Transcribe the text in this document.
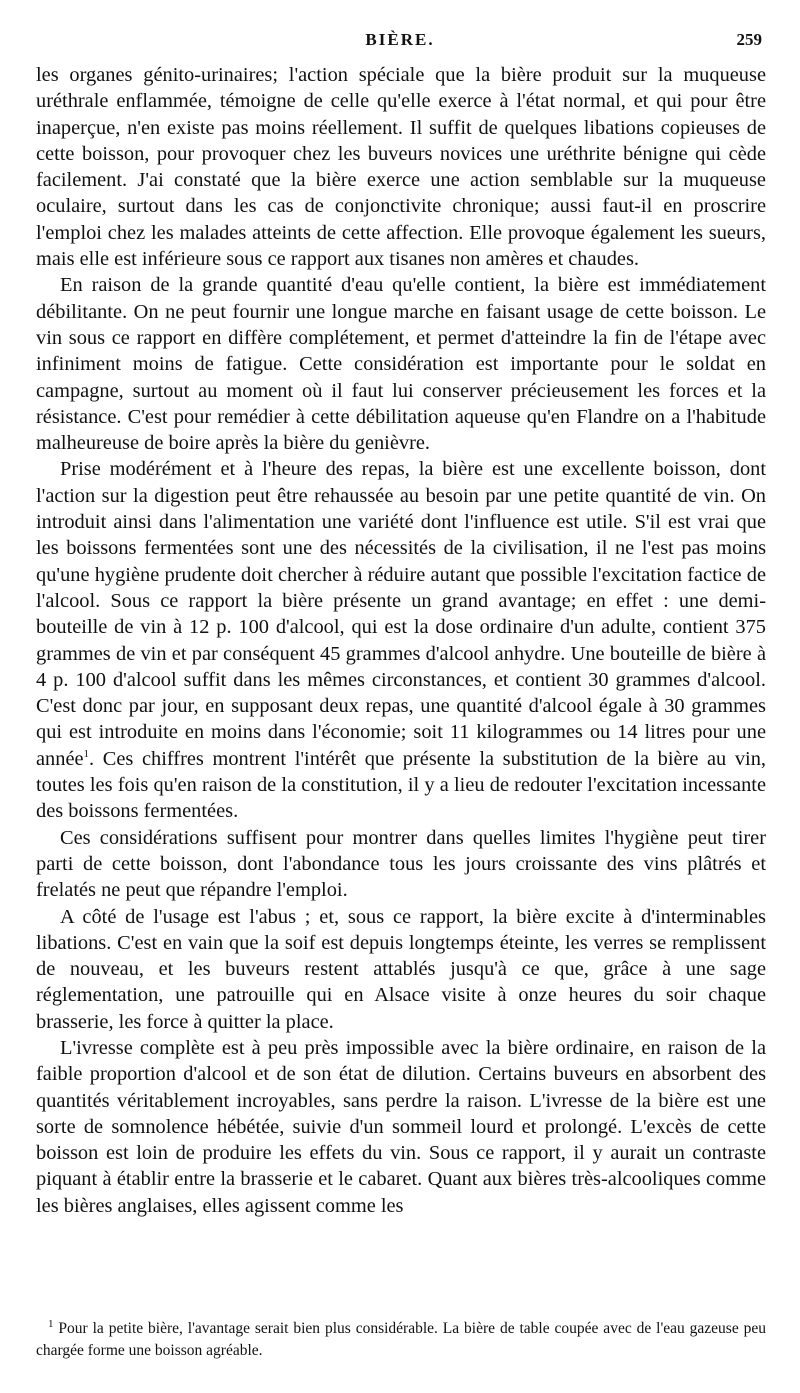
BIÈRE.	259

les organes génito-urinaires; l'action spéciale que la bière produit sur la muqueuse uréthrale enflammée, témoigne de celle qu'elle exerce à l'état normal, et qui pour être inaperçue, n'en existe pas moins réellement. Il suffit de quelques libations copieuses de cette boisson, pour provoquer chez les buveurs novices une uréthrite bénigne qui cède facilement. J'ai constaté que la bière exerce une action semblable sur la muqueuse oculaire, surtout dans les cas de conjonctivite chronique; aussi faut-il en proscrire l'emploi chez les malades atteints de cette affection. Elle provoque également les sueurs, mais elle est inférieure sous ce rapport aux tisanes non amères et chaudes.

En raison de la grande quantité d'eau qu'elle contient, la bière est immédiatement débilitante. On ne peut fournir une longue marche en faisant usage de cette boisson. Le vin sous ce rapport en diffère complétement, et permet d'atteindre la fin de l'étape avec infiniment moins de fatigue. Cette considération est importante pour le soldat en campagne, surtout au moment où il faut lui conserver précieusement les forces et la résistance. C'est pour remédier à cette débilitation aqueuse qu'en Flandre on a l'habitude malheureuse de boire après la bière du genièvre.

Prise modérément et à l'heure des repas, la bière est une excellente boisson, dont l'action sur la digestion peut être rehaussée au besoin par une petite quantité de vin. On introduit ainsi dans l'alimentation une variété dont l'influence est utile. S'il est vrai que les boissons fermentées sont une des nécessités de la civilisation, il ne l'est pas moins qu'une hygiène prudente doit chercher à réduire autant que possible l'excitation factice de l'alcool. Sous ce rapport la bière présente un grand avantage; en effet : une demi-bouteille de vin à 12 p. 100 d'alcool, qui est la dose ordinaire d'un adulte, contient 375 grammes de vin et par conséquent 45 grammes d'alcool anhydre. Une bouteille de bière à 4 p. 100 d'alcool suffit dans les mêmes circonstances, et contient 30 grammes d'alcool. C'est donc par jour, en supposant deux repas, une quantité d'alcool égale à 30 grammes qui est introduite en moins dans l'économie; soit 11 kilogrammes ou 14 litres pour une année$^1$. Ces chiffres montrent l'intérêt que présente la substitution de la bière au vin, toutes les fois qu'en raison de la constitution, il y a lieu de redouter l'excitation incessante des boissons fermentées.

Ces considérations suffisent pour montrer dans quelles limites l'hygiène peut tirer parti de cette boisson, dont l'abondance tous les jours croissante des vins plâtrés et frelatés ne peut que répandre l'emploi.

A côté de l'usage est l'abus ; et, sous ce rapport, la bière excite à d'interminables libations. C'est en vain que la soif est depuis longtemps éteinte, les verres se remplissent de nouveau, et les buveurs restent attablés jusqu'à ce que, grâce à une sage réglementation, une patrouille qui en Alsace visite à onze heures du soir chaque brasserie, les force à quitter la place.

L'ivresse complète est à peu près impossible avec la bière ordinaire, en raison de la faible proportion d'alcool et de son état de dilution. Certains buveurs en absorbent des quantités véritablement incroyables, sans perdre la raison. L'ivresse de la bière est une sorte de somnolence hébétée, suivie d'un sommeil lourd et prolongé. L'excès de cette boisson est loin de produire les effets du vin. Sous ce rapport, il y aurait un contraste piquant à établir entre la brasserie et le cabaret. Quant aux bières très-alcooliques comme les bières anglaises, elles agissent comme les

$^1$ Pour la petite bière, l'avantage serait bien plus considérable. La bière de table coupée avec de l'eau gazeuse peu chargée forme une boisson agréable.
